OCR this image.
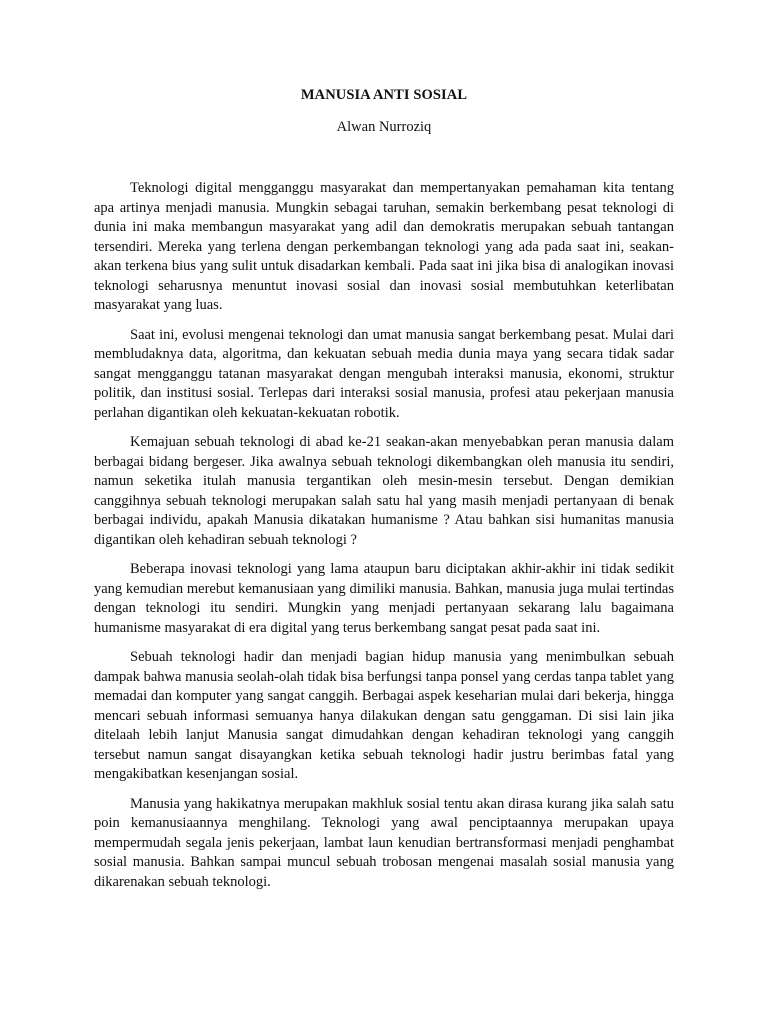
MANUSIA ANTI SOSIAL
Alwan Nurroziq

Teknologi digital mengganggu masyarakat dan mempertanyakan pemahaman kita tentang apa artinya menjadi manusia. Mungkin sebagai taruhan, semakin berkembang pesat teknologi di dunia ini maka membangun masyarakat yang adil dan demokratis merupakan sebuah tantangan tersendiri. Mereka yang terlena dengan perkembangan teknologi yang ada pada saat ini, seakan-akan terkena bius yang sulit untuk disadarkan kembali. Pada saat ini jika bisa di analogikan inovasi teknologi seharusnya menuntut inovasi sosial dan inovasi sosial membutuhkan keterlibatan masyarakat yang luas.

Saat ini, evolusi mengenai teknologi dan umat manusia sangat berkembang pesat. Mulai dari membludaknya data, algoritma, dan kekuatan sebuah media dunia maya yang secara tidak sadar sangat mengganggu tatanan masyarakat dengan mengubah interaksi manusia, ekonomi, struktur politik, dan institusi sosial. Terlepas dari interaksi sosial manusia, profesi atau pekerjaan manusia perlahan digantikan oleh kekuatan-kekuatan robotik.

Kemajuan sebuah teknologi di abad ke-21 seakan-akan menyebabkan peran manusia dalam berbagai bidang bergeser. Jika awalnya sebuah teknologi dikembangkan oleh manusia itu sendiri, namun seketika itulah manusia tergantikan oleh mesin-mesin tersebut. Dengan demikian canggihnya sebuah teknologi merupakan salah satu hal yang masih menjadi pertanyaan di benak berbagai individu, apakah Manusia dikatakan humanisme ? Atau bahkan sisi humanitas manusia digantikan oleh kehadiran sebuah teknologi ?

Beberapa inovasi teknologi yang lama ataupun baru diciptakan akhir-akhir ini tidak sedikit yang kemudian merebut kemanusiaan yang dimiliki manusia. Bahkan, manusia juga mulai tertindas dengan teknologi itu sendiri. Mungkin yang menjadi pertanyaan sekarang lalu bagaimana humanisme masyarakat di era digital yang terus berkembang sangat pesat pada saat ini.

Sebuah teknologi hadir dan menjadi bagian hidup manusia yang menimbulkan sebuah dampak bahwa manusia seolah-olah tidak bisa berfungsi tanpa ponsel yang cerdas tanpa tablet yang memadai dan komputer yang sangat canggih. Berbagai aspek keseharian mulai dari bekerja, hingga mencari sebuah informasi semuanya hanya dilakukan dengan satu genggaman. Di sisi lain jika ditelaah lebih lanjut Manusia sangat dimudahkan dengan kehadiran teknologi yang canggih tersebut namun sangat disayangkan ketika sebuah teknologi hadir justru berimbas fatal yang mengakibatkan kesenjangan sosial.

Manusia yang hakikatnya merupakan makhluk sosial tentu akan dirasa kurang jika salah satu poin kemanusiaannya menghilang. Teknologi yang awal penciptaannya merupakan upaya mempermudah segala jenis pekerjaan, lambat laun kenudian bertransformasi menjadi penghambat sosial manusia. Bahkan sampai muncul sebuah trobosan mengenai masalah sosial manusia yang dikarenakan sebuah teknologi.
